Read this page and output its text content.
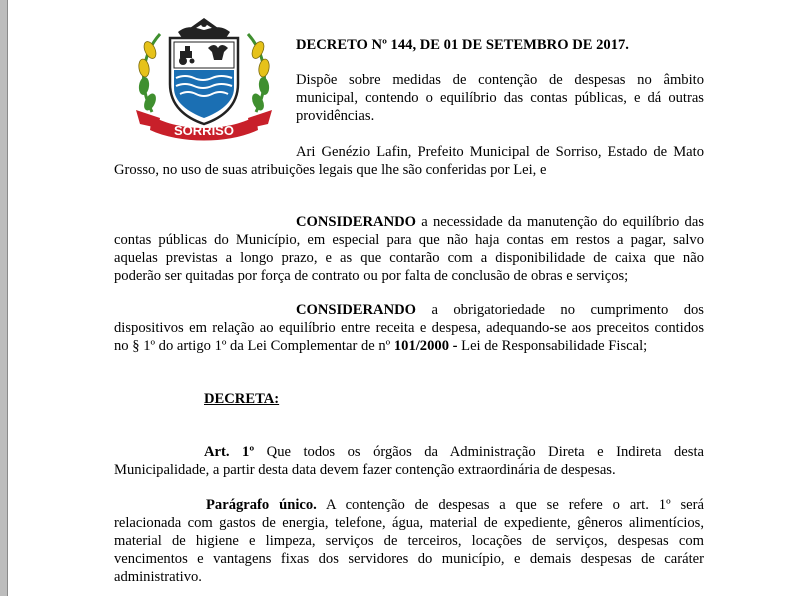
SORRISO
DECRETO Nº 144, DE 01 DE SETEMBRO DE 2017.
Dispõe sobre medidas de contenção de despesas no âmbito
municipal, contendo o equilíbrio das contas públicas, e dá outras
providências.
Ari Genézio Lafin, Prefeito Municipal de Sorriso, Estado de Mato
Grosso, no uso de suas atribuições legais que lhe são conferidas por Lei, e
CONSIDERANDO a necessidade da manutenção do equilíbrio das
contas públicas do Município, em especial para que não haja contas em restos a pagar, salvo
aquelas previstas a longo prazo, e as que contarão com a disponibilidade de caixa que não
poderão ser quitadas por força de contrato ou por falta de conclusão de obras e serviços;
CONSIDERANDO a obrigatoriedade no cumprimento dos
dispositivos em relação ao equilíbrio entre receita e despesa, adequando-se aos preceitos contidos
no § 1º do artigo 1º da Lei Complementar de nº 101/2000 - Lei de Responsabilidade Fiscal;
DECRETA:
Art. 1º Que todos os órgãos da Administração Direta e Indireta desta
Municipalidade, a partir desta data devem fazer contenção extraordinária de despesas.
Parágrafo único. A contenção de despesas a que se refere o art. 1º será
relacionada com gastos de energia, telefone, água, material de expediente, gêneros alimentícios,
material de higiene e limpeza, serviços de terceiros, locações de serviços, despesas com
vencimentos e vantagens fixas dos servidores do município, e demais despesas de caráter
administrativo.
